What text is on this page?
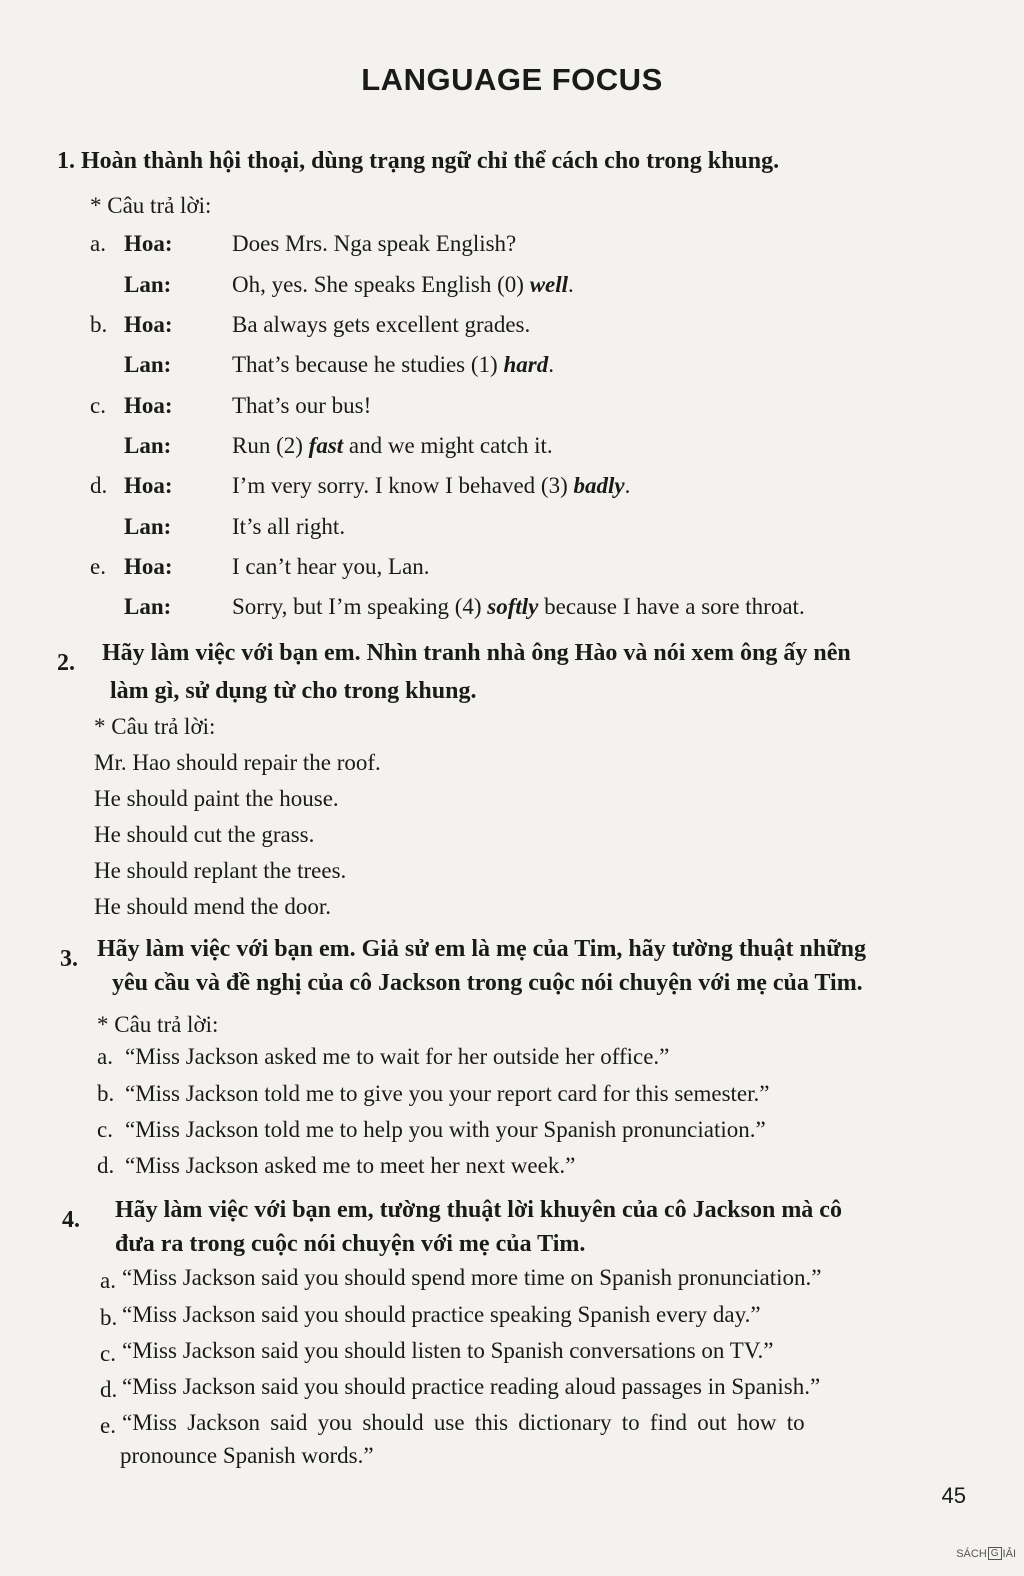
LANGUAGE FOCUS
1. Hoàn thành hội thoại, dùng trạng ngữ chỉ thể cách cho trong khung.
* Câu trả lời:
a. Hoa:	Does Mrs. Nga speak English?
Lan:	Oh, yes. She speaks English (0) well.
b. Hoa:	Ba always gets excellent grades.
Lan:	That’s because he studies (1) hard.
c. Hoa:	That’s our bus!
Lan:	Run (2) fast and we might catch it.
d. Hoa:	I’m very sorry. I know I behaved (3) badly.
Lan:	It’s all right.
e. Hoa:	I can’t hear you, Lan.
Lan:	Sorry, but I’m speaking (4) softly because I have a sore throat.
2. Hãy làm việc với bạn em. Nhìn tranh nhà ông Hào và nói xem ông ấy nên
làm gì, sử dụng từ cho trong khung.
* Câu trả lời:
Mr. Hao should repair the roof.
He should paint the house.
He should cut the grass.
He should replant the trees.
He should mend the door.
3. Hãy làm việc với bạn em. Giả sử em là mẹ của Tim, hãy tường thuật những
yêu cầu và đề nghị của cô Jackson trong cuộc nói chuyện với mẹ của Tim.
* Câu trả lời:
a. “Miss Jackson asked me to wait for her outside her office.”
b. “Miss Jackson told me to give you your report card for this semester.”
c. “Miss Jackson told me to help you with your Spanish pronunciation.”
d. “Miss Jackson asked me to meet her next week.”
4. Hãy làm việc với bạn em, tường thuật lời khuyên của cô Jackson mà cô
đưa ra trong cuộc nói chuyện với mẹ của Tim.
a. “Miss Jackson said you should spend more time on Spanish pronunciation.”
b. “Miss Jackson said you should practice speaking Spanish every day.”
c. “Miss Jackson said you should listen to Spanish conversations on TV.”
d. “Miss Jackson said you should practice reading aloud passages in Spanish.”
e. “Miss Jackson said you should use this dictionary to find out how to
pronounce Spanish words.”
45
SÁCH G IẢI
